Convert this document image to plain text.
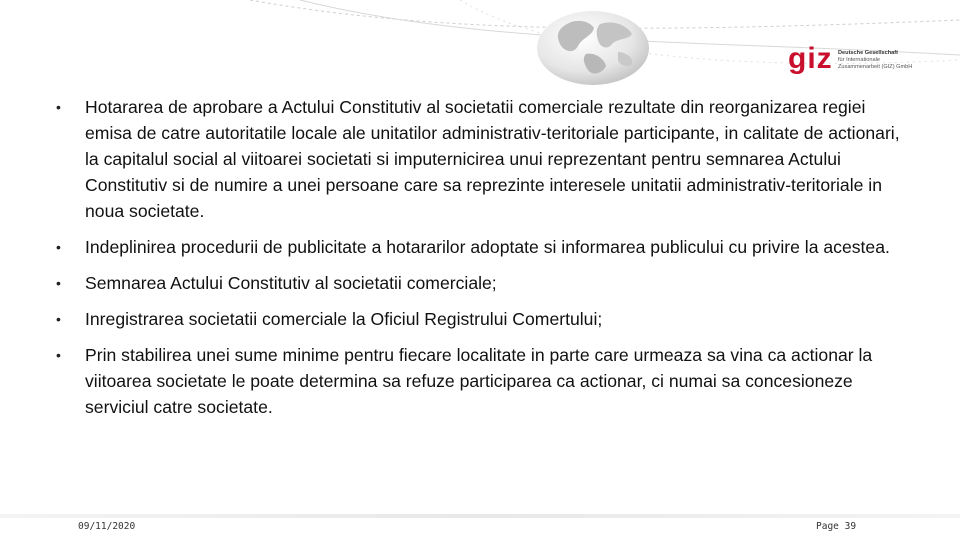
giz Deutsche Gesellschaft
für Internationale
Zusammenarbeit (GIZ) GmbH
• Hotararea de aprobare a Actului Constitutiv al societatii comerciale rezultate din reorganizarea regiei emisa de catre autoritatile locale ale unitatilor administrativ-teritoriale participante, in calitate de actionari, la capitalul social al viitoarei societati si imputernicirea unui reprezentant pentru semnarea Actului Constitutiv si de numire a unei persoane care sa reprezinte interesele unitatii administrativ-teritoriale in noua societate.
• Indeplinirea procedurii de publicitate a hotararilor adoptate si informarea publicului cu privire la acestea.
• Semnarea Actului Constitutiv al societatii comerciale;
• Inregistrarea societatii comerciale la Oficiul Registrului Comertului;
• Prin stabilirea unei sume minime pentru fiecare localitate in parte care urmeaza sa vina ca actionar la viitoarea societate le poate determina sa refuze participarea ca actionar, ci numai sa concesioneze serviciul catre societate.
09/11/2020	Page 39
